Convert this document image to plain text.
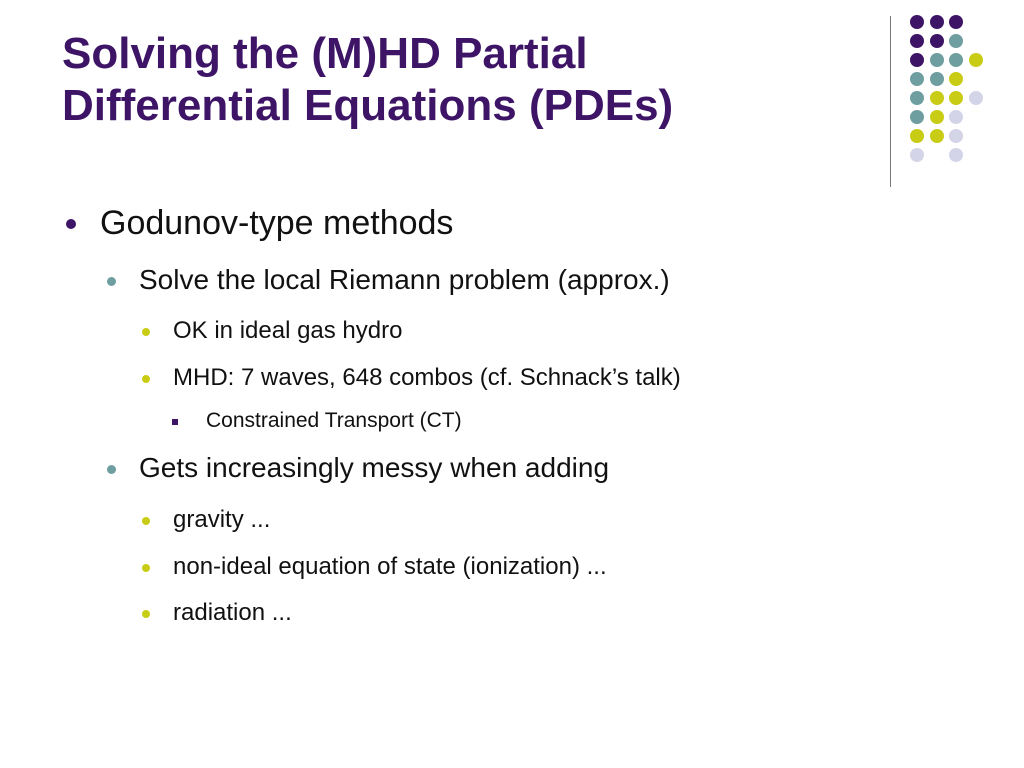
Solving the (M)HD Partial
Differential Equations (PDEs)
Godunov-type methods
Solve the local Riemann problem (approx.)
OK in ideal gas hydro
MHD: 7 waves, 648 combos (cf. Schnack’s talk)
Constrained Transport (CT)
Gets increasingly messy when adding
gravity ...
non-ideal equation of state (ionization) ...
radiation ...
